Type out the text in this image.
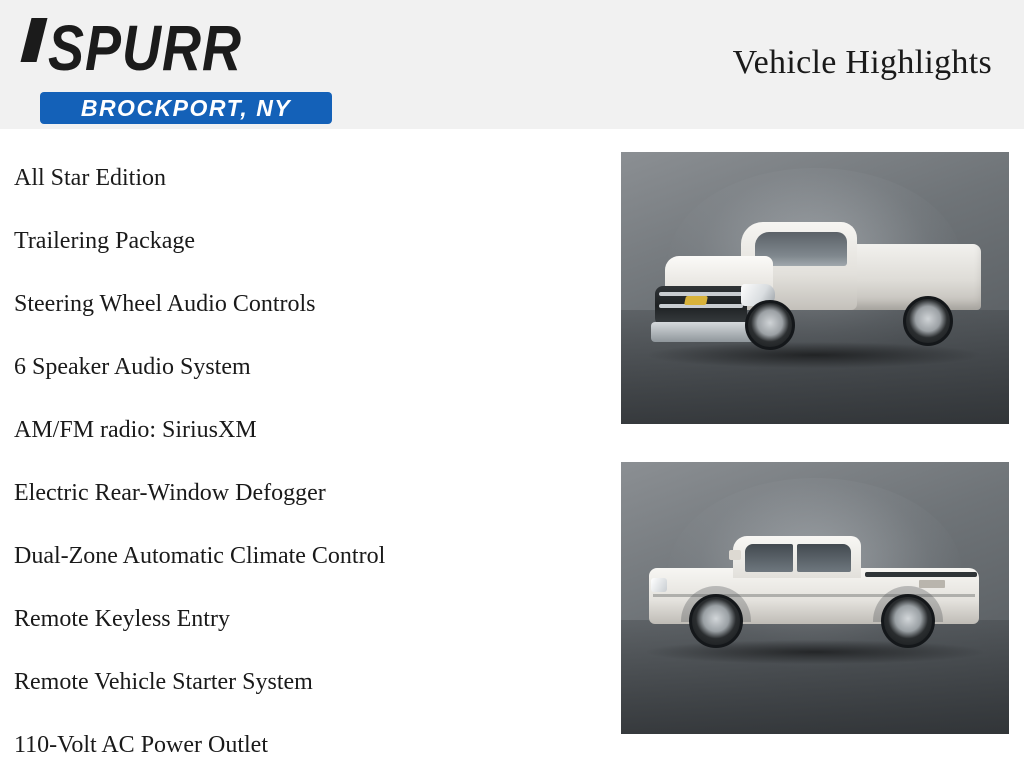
SPURR
BROCKPORT, NY
Vehicle Highlights
All Star Edition
Trailering Package
Steering Wheel Audio Controls
6 Speaker Audio System
AM/FM radio: SiriusXM
Electric Rear-Window Defogger
Dual-Zone Automatic Climate Control
Remote Keyless Entry
Remote Vehicle Starter System
110-Volt AC Power Outlet
